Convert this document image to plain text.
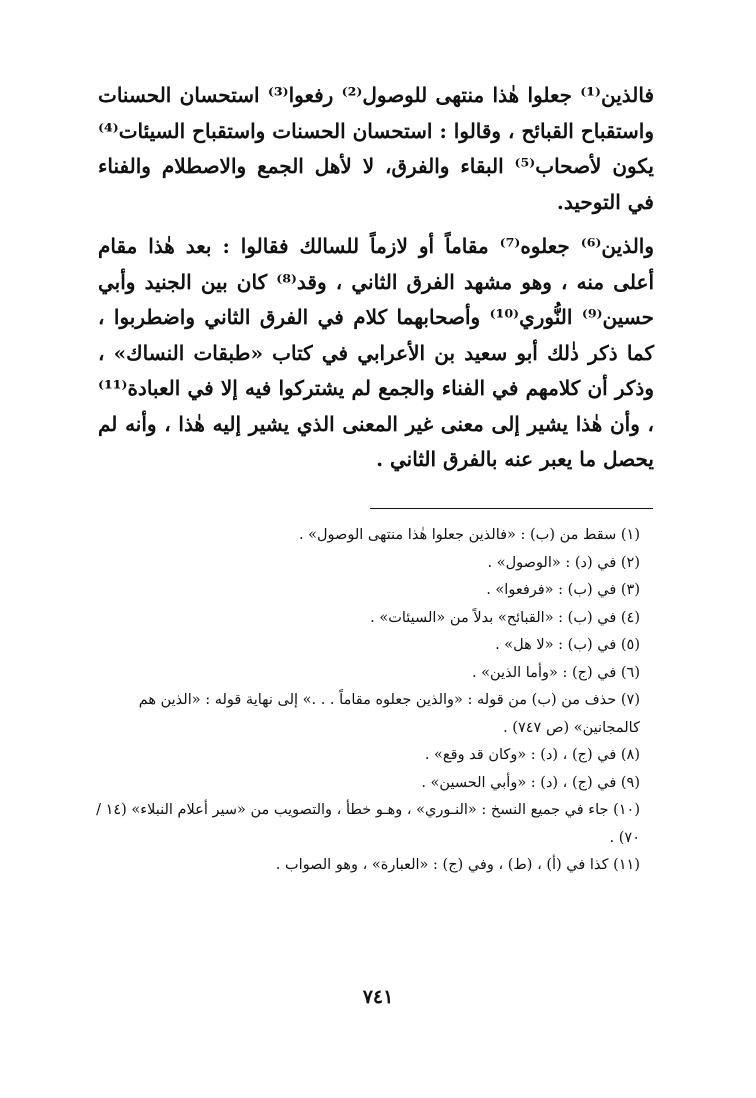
فالذين⁽¹⁾ جعلوا هٰذا منتهى للوصول⁽²⁾ رفعوا⁽³⁾ استحسان الحسنات واستقباح القبائح ، وقالوا : استحسان الحسنات واستقباح السيئات⁽⁴⁾ يكون لأصحاب⁽⁵⁾ البقاء والفرق، لا لأهل الجمع والاصطلام والفناء في التوحيد.

والذين⁽⁶⁾ جعلوه⁽⁷⁾ مقاماً أو لازماً للسالك فقالوا : بعد هٰذا مقام أعلى منه ، وهو مشهد الفرق الثاني ، وقد⁽⁸⁾ كان بين الجنيد وأبي حسين⁽⁹⁾ النُّوري⁽¹⁰⁾ وأصحابهما كلام في الفرق الثاني واضطربوا ، كما ذكر ذٰلك أبو سعيد بن الأعرابي في كتاب «طبقات النساك» ، وذكر أن كلامهم في الفناء والجمع لم يشتركوا فيه إلا في العبادة⁽¹¹⁾ ، وأن هٰذا يشير إلى معنى غير المعنى الذي يشير إليه هٰذا ، وأنه لم يحصل ما يعبر عنه بالفرق الثاني .

(١) سقط من (ب) : «فالذين جعلوا هٰذا منتهى الوصول» .

(٢) في (د) : «الوصول» .

(٣) في (ب) : «فرفعوا» .

(٤) في (ب) : «القبائح» بدلاً من «السيئات» .

(٥) في (ب) : «لا هل» .

(٦) في (ج) : «وأما الذين» .

(٧) حذف من (ب) من قوله : «والذين جعلوه مقاماً . . .» إلى نهاية قوله : «الذين هم كالمجانين» (ص ٧٤٧) .

(٨) في (ج) ، (د) : «وكان قد وقع» .

(٩) في (ج) ، (د) : «وأبي الحسين» .

(١٠) جاء في جميع النسخ : «النـوري» ، وهـو خطأ ، والتصويب من «سير أعلام النبلاء» (١٤ / ٧٠) .

(١١) كذا في (أ) ، (ط) ، وفي (ج) : «العبارة» ، وهو الصواب .

٧٤١
